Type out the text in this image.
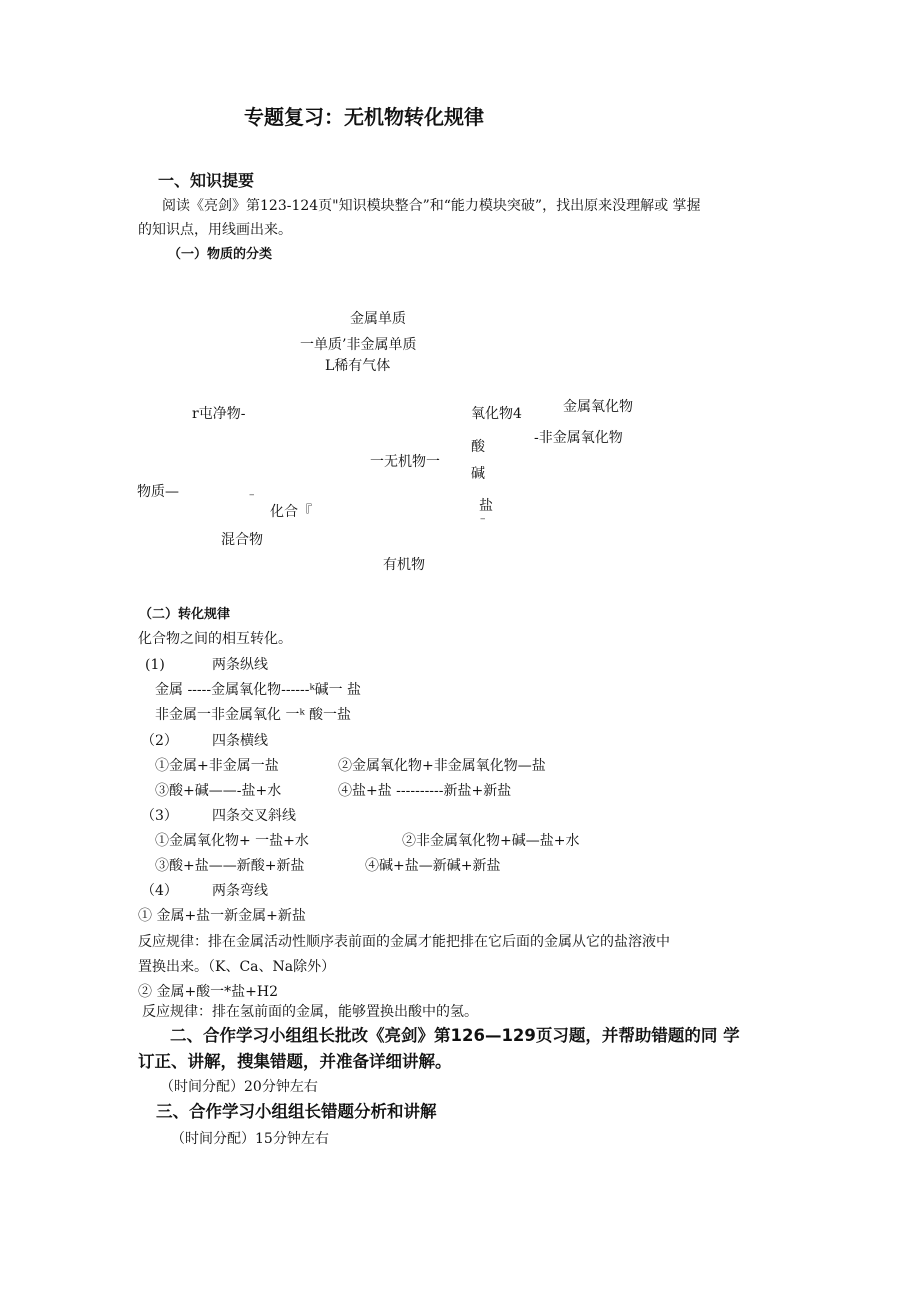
专题复习：无机物转化规律
一、知识提要
阅读《亮剑》第123-124页"知识模块整合”和“能力模块突破”，找出原来没理解或 掌握
的知识点，用线画出来。
（一）物质的分类
金属单质
一单质’非金属单质
L稀有气体
r屯净物-	氧化物4	金属氧化物
-非金属氧化物
酸
一无机物一
碱
物质—	–
化合『	盐
–
混合物
有机物
（二）转化规律
化合物之间的相互转化。
(1)	两条纵线
金属 -----金属氧化物------ᵏ碱一 盐
非金属一非金属氧化 一ᵏ 酸一盐
（2） 四条横线
①金属+非金属一盐	②金属氧化物+非金属氧化物—盐
③酸+碱——-盐+水	④盐+盐 ----------新盐+新盐
（3） 四条交叉斜线
①金属氧化物+ 一盐+水	②非金属氧化物+碱—盐+水
③酸+盐——新酸+新盐	④碱+盐—新碱+新盐
（4） 两条弯线
① 金属+盐一新金属+新盐
反应规律：排在金属活动性顺序表前面的金属才能把排在它后面的金属从它的盐溶液中
置换出来。（K、Ca、Na除外）
② 金属+酸一*盐+H2
反应规律：排在氢前面的金属，能够置换出酸中的氢。
二、合作学习小组组长批改《亮剑》第126—129页习题，并帮助错题的同 学
订正、讲解，搜集错题，并准备详细讲解。
（时间分配）20分钟左右
三、合作学习小组组长错题分析和讲解
（时间分配）15分钟左右
